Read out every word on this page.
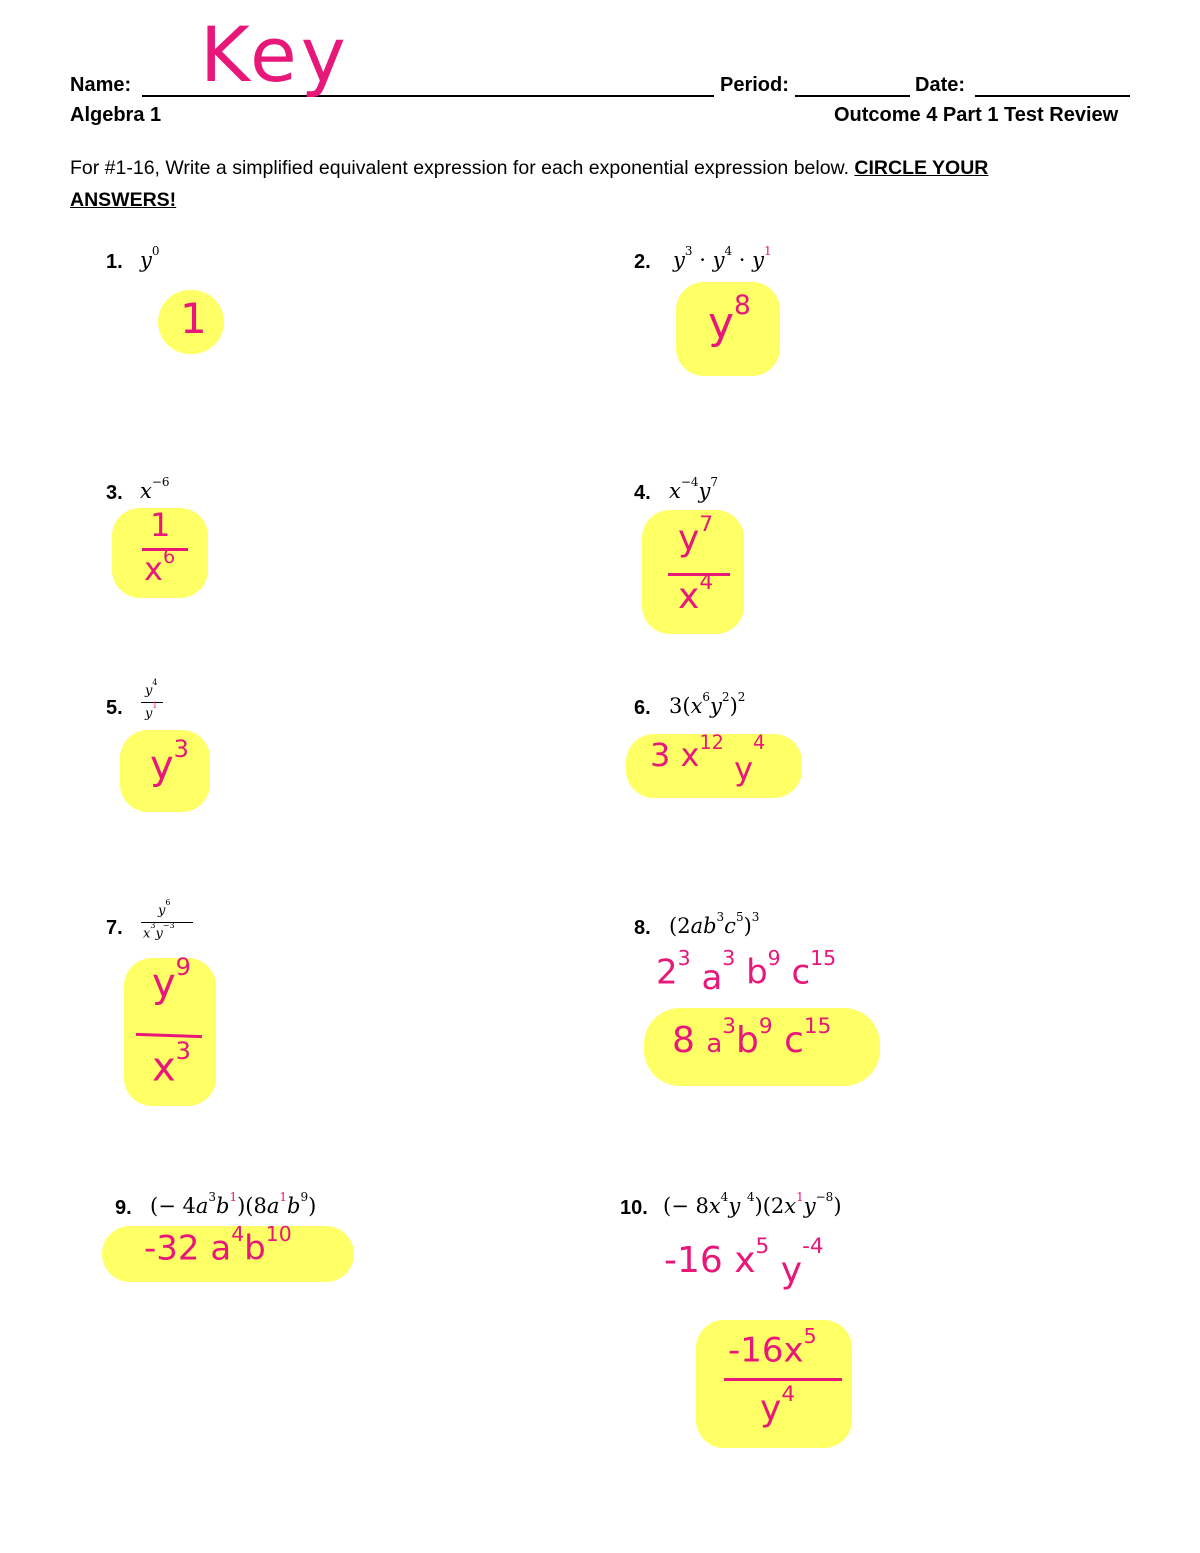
Name: Key	Period:	Date:
Algebra 1	Outcome 4 Part 1 Test Review
For #1-16, Write a simplified equivalent expression for each exponential expression below. CIRCLE YOUR ANSWERS!
1. $y^0$
1
2. $y^3 \cdot y^4 \cdot y^1$
$y^8$
3. $x^{-6}$
1
$x^6$
4. $x^{-4}y^7$
$y^7$
$x^4$
5.
$y^4$
$y^1$
$y^3$
6. $3(x^6y^2)^2$
3 $x^{12}$ $y^4$
7.
$y^6$
$x^3y^{-3}$
$y^9$
$x^3$
8. $(2ab^3c^5)^3$
$2^3$ $a^3$ $b^9$ $c^{15}$
8 $a^3b^9$ $c^{15}$
9. (− $4a^3b^1)(8a^1b^9)$
-32 $a^4b^{10}$
10. (− $8x^4y$ $^4)(2x^1y^{-8})$
-16 $x^5$ $y^{-4}$
$-16x^5$
$y^4$
